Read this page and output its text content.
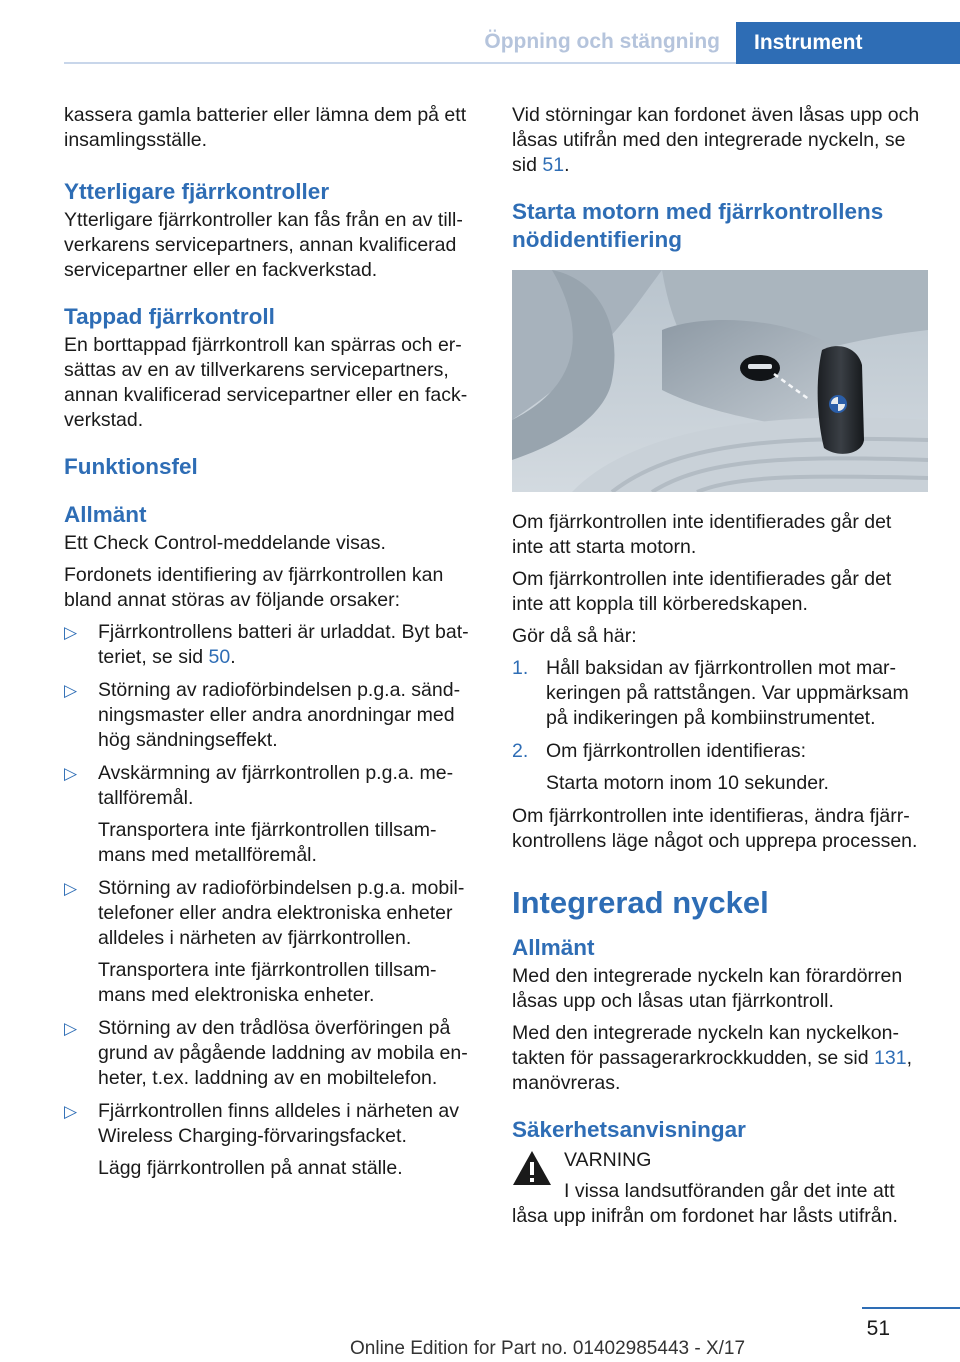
Öppning och stängning Instrument

kassera gamla batterier eller lämna dem på ett insamlingsställe.

Ytterligare fjärrkontroller

Ytterligare fjärrkontroller kan fås från en av till‐verkarens servicepartners, annan kvalificerad servicepartner eller en fackverkstad.

Tappad fjärrkontroll

En borttappad fjärrkontroll kan spärras och er‐sättas av en av tillverkarens servicepartners, annan kvalificerad servicepartner eller en fack‐verkstad.

Funktionsfel
Allmänt

Ett Check Control-meddelande visas.

Fordonets identifiering av fjärrkontrollen kan bland annat störas av följande orsaker:

▷ Fjärrkontrollens batteri är urladdat. Byt bat‐teriet, se sid 50.

▷ Störning av radioförbindelsen p.g.a. sänd‐ningsmaster eller andra anordningar med hög sändningseffekt.

▷ Avskärmning av fjärrkontrollen p.g.a. me‐tallföremål.

Transportera inte fjärrkontrollen tillsam‐mans med metallföremål.

▷ Störning av radioförbindelsen p.g.a. mobil‐telefoner eller andra elektroniska enheter alldeles i närheten av fjärrkontrollen.

Transportera inte fjärrkontrollen tillsam‐mans med elektroniska enheter.

▷ Störning av den trådlösa överföringen på grund av pågående laddning av mobila en‐heter, t.ex. laddning av en mobiltelefon.

▷ Fjärrkontrollen finns alldeles i närheten av Wireless Charging-förvaringsfacket.

Lägg fjärrkontrollen på annat ställe.

Vid störningar kan fordonet även låsas upp och låsas utifrån med den integrerade nyckeln, se sid 51.

Starta motorn med fjärrkontrollens nödidentifiering

Om fjärrkontrollen inte identifierades går det inte att starta motorn.

Om fjärrkontrollen inte identifierades går det inte att koppla till körberedskapen.

Gör då så här:

1. Håll baksidan av fjärrkontrollen mot mar‐keringen på rattstången. Var uppmärksam på indikeringen på kombiinstrumentet.

2. Om fjärrkontrollen identifieras:

Starta motorn inom 10 sekunder.

Om fjärrkontrollen inte identifieras, ändra fjärr‐kontrollens läge något och upprepa processen.

Integrerad nyckel
Allmänt

Med den integrerade nyckeln kan förardörren låsas upp och låsas utan fjärrkontroll.

Med den integrerade nyckeln kan nyckelkon‐takten för passagerarkrockkudden, se sid 131, manövreras.

Säkerhetsanvisningar

VARNING

I vissa landsutföranden går det inte att låsa upp inifrån om fordonet har låsts utifrån.

51
Online Edition for Part no. 01402985443 - X/17
